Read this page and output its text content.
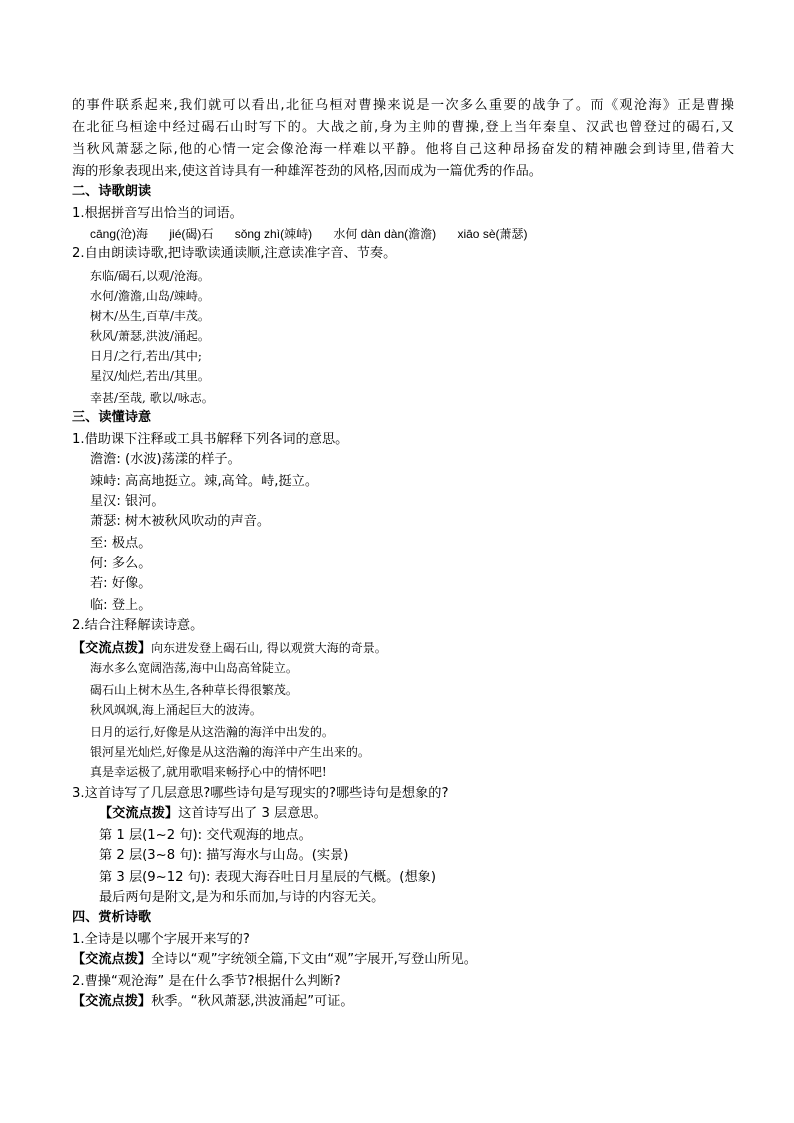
的事件联系起来,我们就可以看出,北征乌桓对曹操来说是一次多么重要的战争了。而《观沧海》正是曹操
在北征乌桓途中经过碣石山时写下的。大战之前,身为主帅的曹操,登上当年秦皇、汉武也曾登过的碣石,又
当秋风萧瑟之际,他的心情一定会像沧海一样难以平静。他将自己这种昂扬奋发的精神融会到诗里,借着大
海的形象表现出来,使这首诗具有一种雄浑苍劲的风格,因而成为一篇优秀的作品。
二、诗歌朗读
1.根据拼音写出恰当的词语。
cāng(沧)海 jié(碣)石 sǒng zhì(竦峙) 水何 dàn dàn(澹澹) xiāo sè(萧瑟)
2.自由朗读诗歌,把诗歌读通读顺,注意读准字音、节奏。
东临/碣石,以观/沧海。
水何/澹澹,山岛/竦峙。
树木/丛生,百草/丰茂。
秋风/萧瑟,洪波/涌起。
日月/之行,若出/其中;
星汉/灿烂,若出/其里。
幸甚/至哉, 歌以/咏志。
三、读懂诗意
1.借助课下注释或工具书解释下列各词的意思。
澹澹: (水波)荡漾的样子。
竦峙: 高高地挺立。竦,高耸。峙,挺立。
星汉: 银河。
萧瑟: 树木被秋风吹动的声音。
至: 极点。
何: 多么。
若: 好像。
临: 登上。
2.结合注释解读诗意。
【交流点拨】向东进发登上碣石山, 得以观赏大海的奇景。
海水多么宽阔浩荡,海中山岛高耸陡立。
碣石山上树木丛生,各种草长得很繁茂。
秋风飒飒,海上涌起巨大的波涛。
日月的运行,好像是从这浩瀚的海洋中出发的。
银河星光灿烂,好像是从这浩瀚的海洋中产生出来的。
真是幸运极了,就用歌唱来畅抒心中的情怀吧!
3.这首诗写了几层意思?哪些诗句是写现实的?哪些诗句是想象的?
【交流点拨】这首诗写出了 3 层意思。
第 1 层(1~2 句): 交代观海的地点。
第 2 层(3~8 句): 描写海水与山岛。(实景)
第 3 层(9~12 句): 表现大海吞吐日月星辰的气概。(想象)
最后两句是附文,是为和乐而加,与诗的内容无关。
四、赏析诗歌
1.全诗是以哪个字展开来写的?
【交流点拨】全诗以“观”字统领全篇,下文由“观”字展开,写登山所见。
2.曹操“观沧海” 是在什么季节?根据什么判断?
【交流点拨】秋季。“秋风萧瑟,洪波涌起”可证。
